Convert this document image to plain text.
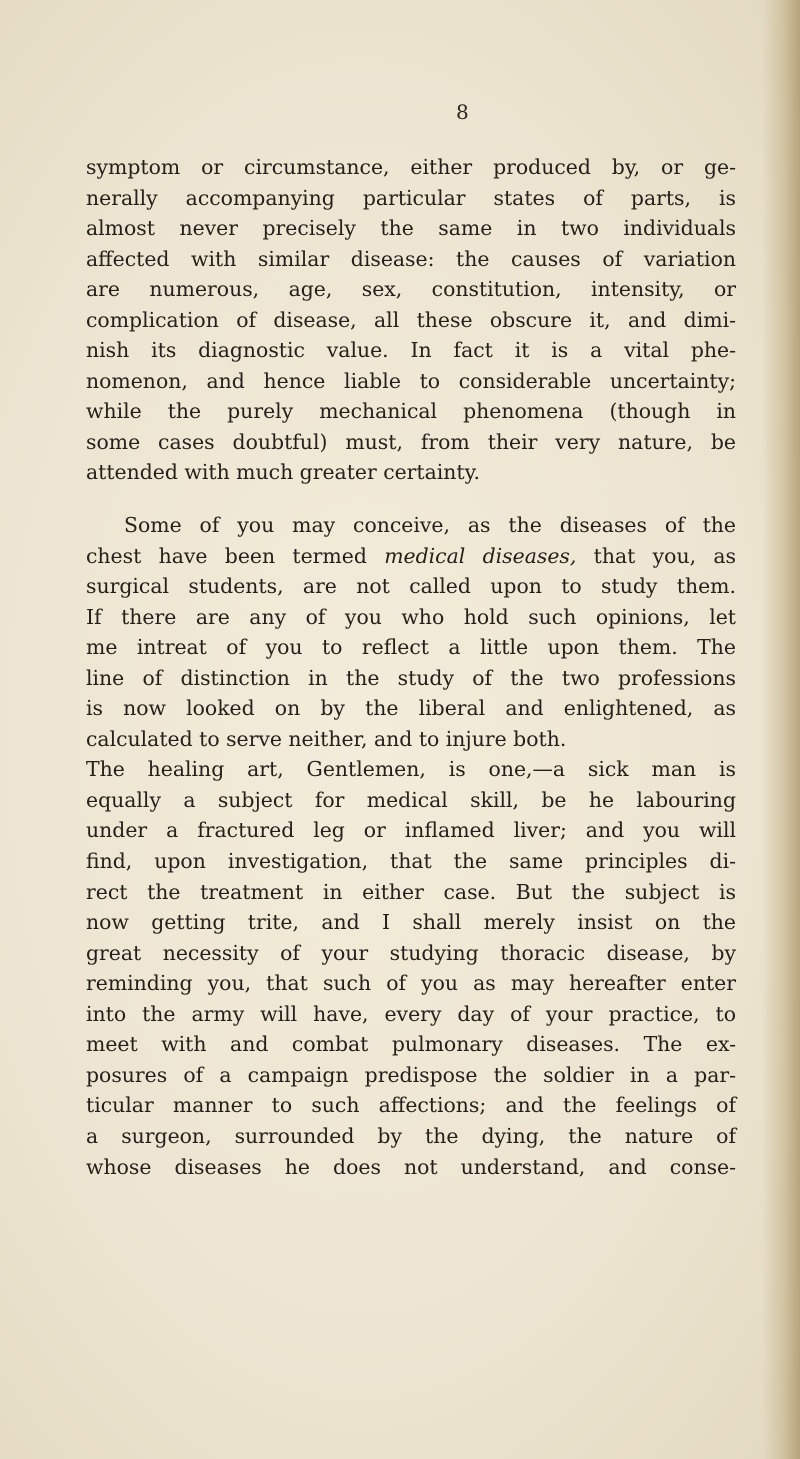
8
symptom or circumstance, either produced by, or ge-
nerally accompanying particular states of parts, is
almost never precisely the same in two individuals
affected with similar disease: the causes of variation
are numerous, age, sex, constitution, intensity, or
complication of disease, all these obscure it, and dimi-
nish its diagnostic value. In fact it is a vital phe-
nomenon, and hence liable to considerable uncertainty;
while the purely mechanical phenomena (though in
some cases doubtful) must, from their very nature, be
attended with much greater certainty.
Some of you may conceive, as the diseases of the
chest have been termed medical diseases, that you, as
surgical students, are not called upon to study them.
If there are any of you who hold such opinions, let
me intreat of you to reflect a little upon them. The
line of distinction in the study of the two professions
is now looked on by the liberal and enlightened, as
calculated to serve neither, and to injure both.
The healing art, Gentlemen, is one,—a sick man is
equally a subject for medical skill, be he labouring
under a fractured leg or inflamed liver; and you will
find, upon investigation, that the same principles di-
rect the treatment in either case. But the subject is
now getting trite, and I shall merely insist on the
great necessity of your studying thoracic disease, by
reminding you, that such of you as may hereafter enter
into the army will have, every day of your practice, to
meet with and combat pulmonary diseases. The ex-
posures of a campaign predispose the soldier in a par-
ticular manner to such affections; and the feelings of
a surgeon, surrounded by the dying, the nature of
whose diseases he does not understand, and conse-
